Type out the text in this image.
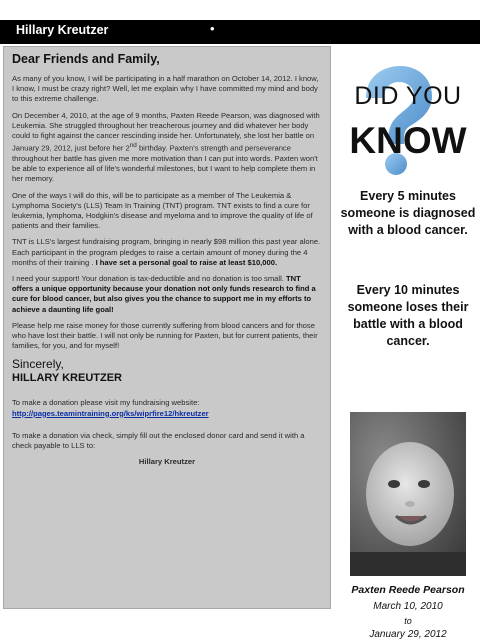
Hillary Kreutzer	•
Dear Friends and Family,

As many of you know, I will be participating in a half marathon on October 14, 2012. I know, I know, I must be crazy right? Well, let me explain why I have committed my mind and body to this extreme challenge.

On December 4, 2010, at the age of 9 months, Paxten Reede Pearson, was diagnosed with Leukemia. She struggled throughout her treacherous journey and did whatever her body could to fight against the cancer rescinding inside her. Unfortunately, she lost her battle on January 29, 2012, just before her 2nd birthday. Paxten's strength and perseverance throughout her battle has given me more motivation than I can put into words. Paxten won't be able to experience all of life's wonderful milestones, but I want to help complete them in her memory.

One of the ways I will do this, will be to participate as a member of The Leukemia & Lymphoma Society's (LLS) Team In Training (TNT) program. TNT exists to find a cure for leukemia, lymphoma, Hodgkin's disease and myeloma and to improve the quality of life of patients and their families.

TNT is LLS's largest fundraising program, bringing in nearly $98 million this past year alone. Each participant in the program pledges to raise a certain amount of money during the 4 months of their training . I have set a personal goal to raise at least $10,000.

I need your support! Your donation is tax-deductible and no donation is too small. TNT offers a unique opportunity because your donation not only funds research to find a cure for blood cancer, but also gives you the chance to support me in my efforts to achieve a daunting life goal!

Please help me raise money for those currently suffering from blood cancers and for those who have lost their battle. I will not only be running for Paxten, but for current patients, their families, for you, and for myself!

Sincerely,
HILLARY KREUTZER

To make a donation please visit my fundraising website:
http://pages.teamintraining.org/ks/wiprfire12/hkreutzer

To make a donation via check, simply fill out the enclosed donor card and send it with a check payable to LLS to:

Hillary Kreutzer

DID YOU
KNOW
Every 5 minutes someone is diagnosed with a blood cancer.
Every 10 minutes someone loses their battle with a blood cancer.
Paxten Reede Pearson
March 10, 2010
to
January 29, 2012
